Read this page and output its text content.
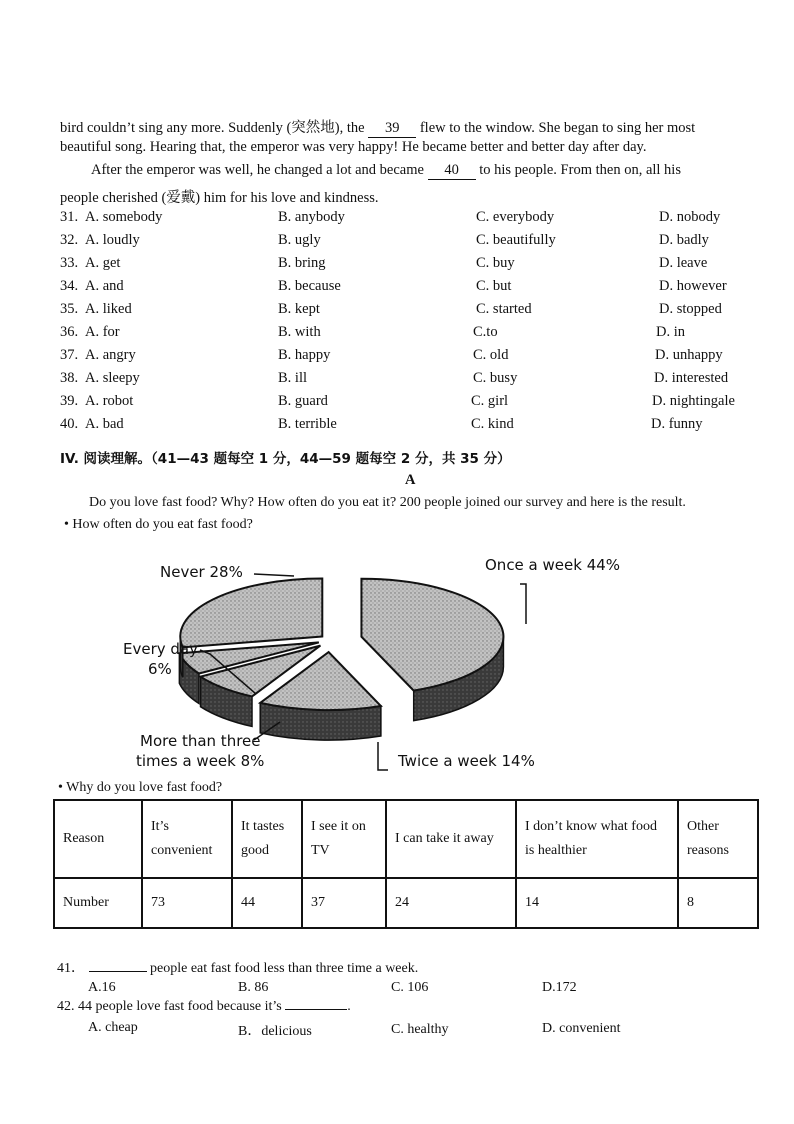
bird couldn’t sing any more. Suddenly (突然地), the 39 flew to the window. She began to sing her most
beautiful song. Hearing that, the emperor was very happy! He became better and better day after day.
After the emperor was well, he changed a lot and became 40 to his people. From then on, all his
people cherished (爱戴) him for his love and kindness.
31. A. somebody	B. anybody	C. everybody	D. nobody
32. A. loudly	B. ugly	C. beautifully	D. badly
33. A. get	B. bring	C. buy	D. leave
34. A. and	B. because	C. but	D. however
35. A. liked	B. kept	C. started	D. stopped
36. A. for	B. with	C.to	D. in
37. A. angry	B. happy	C. old	D. unhappy
38. A. sleepy	B. ill	C. busy	D. interested
39. A. robot	B. guard	C. girl	D. nightingale
40. A. bad	B. terrible	C. kind	D. funny
IV. 阅读理解。（41—43 题每空 1 分，44—59 题每空 2 分，共 35 分）
A
Do you love fast food? Why? How often do you eat it? 200 people joined our survey and here is the result.
• How often do you eat fast food?
Once a week 44%
Twice a week 14%
More than three
times a week 8%
Every day
6%
Never 28%
• Why do you love fast food?
Reason	It’s convenient	It tastes good	I see it on TV	I can take it away	I don’t know what food is healthier	Other reasons
Number	73	44	37	24	14	8
41．	people eat fast food less than three time a week.
A.16	B. 86	C. 106	D.172
42. 44 people love fast food because it’s	.
A. cheap	B．delicious	C. healthy	D. convenient
